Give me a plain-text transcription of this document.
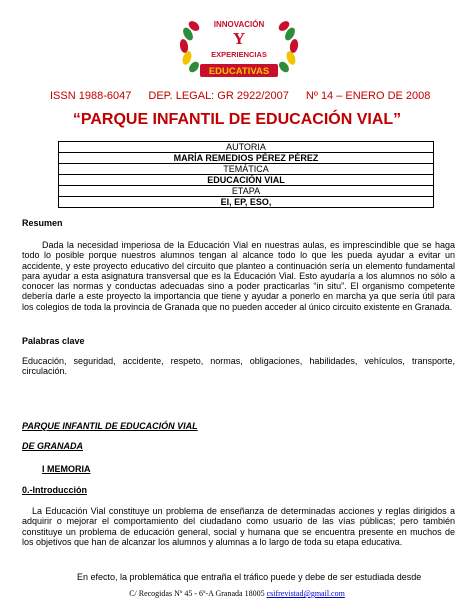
INNOVACIÓN
Y
EXPERIENCIAS
EDUCATIVAS
ISSN 1988-6047 DEP. LEGAL: GR 2922/2007 Nº 14 – ENERO DE 2008
“PARQUE INFANTIL DE EDUCACIÓN VIAL”
AUTORIA
MARÍA REMEDIOS PÉREZ PÉREZ
TEMÁTICA
EDUCACIÓN VIAL
ETAPA
EI, EP, ESO,
Resumen

Dada la necesidad imperiosa de la Educación Vial en nuestras aulas, es imprescindible que se haga todo lo posible porque nuestros alumnos tengan al alcance todo lo que les pueda ayudar a evitar un accidente, y este proyecto educativo del circuito que planteo a continuación sería un elemento fundamental para ayudar a esta asignatura transversal que es la Educación Vial. Esto ayudaría a los alumnos no sólo a conocer las normas y conductas adecuadas sino a poder practicarlas “in situ”. El organismo competente debería darle a este proyecto la importancia que tiene y ayudar a ponerlo en marcha ya que sería útil para los colegios de toda la provincia de Granada que no pueden acceder al único circuito existente en Granada.

Palabras clave

Educación, seguridad, accidente, respeto, normas, obligaciones, habilidades, vehículos, transporte, circulación.

PARQUE INFANTIL DE EDUCACIÓN VIAL
DE GRANADA
I MEMORIA
0.-Introducción

La Educación Vial constituye un problema de enseñanza de determinadas acciones y reglas dirigidos a adquirir o mejorar el comportamiento del ciudadano como usuario de las vías públicas; pero también constituye un problema de educación general, social y humana que se encuentra presente en muchos de los objetivos que han de alcanzar los alumnos y alumnas a lo largo de toda su etapa educativa.

En efecto, la problemática que entraña el tráfico puede y debe de ser estudiada desde

C/ Recogidas Nº 45 - 6º-A Granada 18005 csifrevistad@gmail.com
